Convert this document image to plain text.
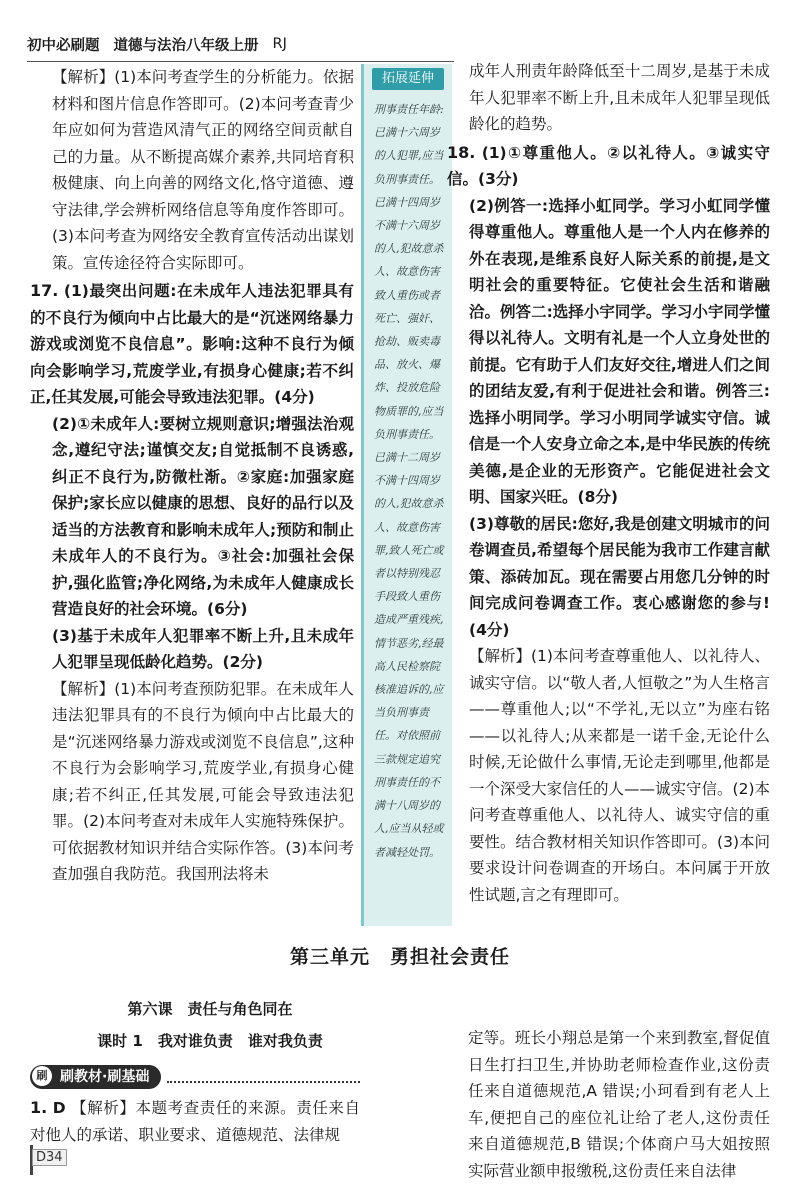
初中必刷题 道德与法治八年级上册 RJ

【解析】(1)本问考查学生的分析能力。依据材料和图片信息作答即可。(2)本问考查青少年应如何为营造风清气正的网络空间贡献自己的力量。从不断提高媒介素养,共同培育积极健康、向上向善的网络文化,恪守道德、遵守法律,学会辨析网络信息等角度作答即可。(3)本问考查为网络安全教育宣传活动出谋划策。宣传途径符合实际即可。

17. (1)最突出问题:在未成年人违法犯罪具有的不良行为倾向中占比最大的是“沉迷网络暴力游戏或浏览不良信息”。影响:这种不良行为倾向会影响学习,荒废学业,有损身心健康;若不纠正,任其发展,可能会导致违法犯罪。(4分)

(2)①未成年人:要树立规则意识;增强法治观念,遵纪守法;谨慎交友;自觉抵制不良诱惑,纠正不良行为,防微杜渐。②家庭:加强家庭保护;家长应以健康的思想、良好的品行以及适当的方法教育和影响未成年人;预防和制止未成年人的不良行为。③社会:加强社会保护,强化监管;净化网络,为未成年人健康成长营造良好的社会环境。(6分)

(3)基于未成年人犯罪率不断上升,且未成年人犯罪呈现低龄化趋势。(2分)

【解析】(1)本问考查预防犯罪。在未成年人违法犯罪具有的不良行为倾向中占比最大的是“沉迷网络暴力游戏或浏览不良信息”,这种不良行为会影响学习,荒废学业,有损身心健康;若不纠正,任其发展,可能会导致违法犯罪。(2)本问考查对未成年人实施特殊保护。可依据教材知识并结合实际作答。(3)本问考查加强自我防范。我国刑法将未

拓展延伸
刑事责任年龄:已满十六周岁的人犯罪,应当负刑事责任。已满十四周岁不满十六周岁的人,犯故意杀人、故意伤害致人重伤或者死亡、强奸、抢劫、贩卖毒品、放火、爆炸、投放危险物质罪的,应当负刑事责任。已满十二周岁不满十四周岁的人,犯故意杀人、故意伤害罪,致人死亡或者以特别残忍手段致人重伤造成严重残疾,情节恶劣,经最高人民检察院核准追诉的,应当负刑事责任。对依照前三款规定追究刑事责任的不满十八周岁的人,应当从轻或者减轻处罚。

成年人刑责年龄降低至十二周岁,是基于未成年人犯罪率不断上升,且未成年人犯罪呈现低龄化的趋势。

18. (1)①尊重他人。②以礼待人。③诚实守信。(3分)

(2)例答一:选择小虹同学。学习小虹同学懂得尊重他人。尊重他人是一个人内在修养的外在表现,是维系良好人际关系的前提,是文明社会的重要特征。它使社会生活和谐融洽。例答二:选择小宇同学。学习小宇同学懂得以礼待人。文明有礼是一个人立身处世的前提。它有助于人们友好交往,增进人们之间的团结友爱,有利于促进社会和谐。例答三:选择小明同学。学习小明同学诚实守信。诚信是一个人安身立命之本,是中华民族的传统美德,是企业的无形资产。它能促进社会文明、国家兴旺。(8分)

(3)尊敬的居民:您好,我是创建文明城市的问卷调查员,希望每个居民能为我市工作建言献策、添砖加瓦。现在需要占用您几分钟的时间完成问卷调查工作。衷心感谢您的参与!(4分)

【解析】(1)本问考查尊重他人、以礼待人、诚实守信。以“敬人者,人恒敬之”为人生格言——尊重他人;以“不学礼,无以立”为座右铭——以礼待人;从来都是一诺千金,无论什么时候,无论做什么事情,无论走到哪里,他都是一个深受大家信任的人——诚实守信。(2)本问考查尊重他人、以礼待人、诚实守信的重要性。结合教材相关知识作答即可。(3)本问要求设计问卷调查的开场白。本问属于开放性试题,言之有理即可。

第三单元　勇担社会责任
第六课　责任与角色同在
课时 1　我对谁负责　谁对我负责
刷 刷教材·刷基础

1. D 【解析】本题考查责任的来源。责任来自对他人的承诺、职业要求、道德规范、法律规

定等。班长小翔总是第一个来到教室,督促值日生打扫卫生,并协助老师检查作业,这份责任来自道德规范,A 错误;小珂看到有老人上车,便把自己的座位礼让给了老人,这份责任来自道德规范,B 错误;个体商户马大姐按照实际营业额申报缴税,这份责任来自法律

D34
